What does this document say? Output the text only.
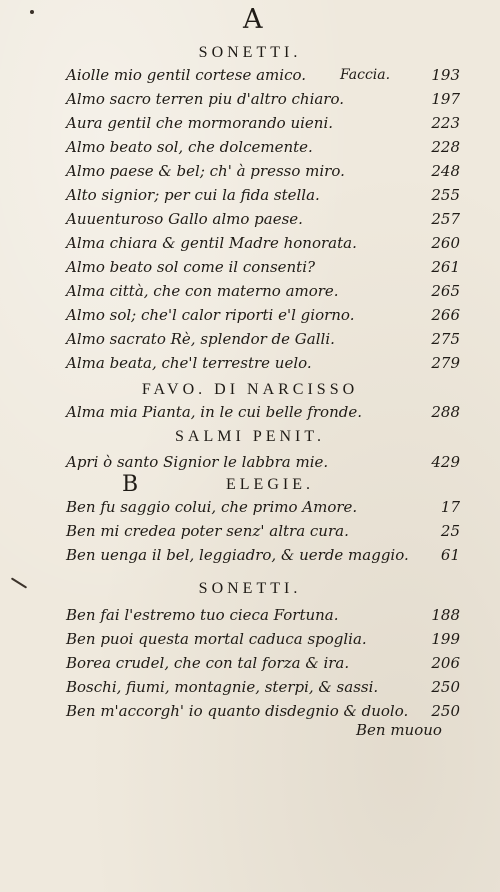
A
SONETTI.
Aiolle mio gentil cortese amico. Faccia.	193
Almo sacro terren piu d'altro chiaro.	197
Aura gentil che mormorando uieni.	223
Almo beato sol, che dolcemente.	228
Almo paese & bel; ch' à presso miro.	248
Alto signior; per cui la fida stella.	255
Auuenturoso Gallo almo paese.	257
Alma chiara & gentil Madre honorata.	260
Almo beato sol come il consenti?	261
Alma città, che con materno amore.	265
Almo sol; che'l calor riporti e'l giorno.	266
Almo sacrato Rè, splendor de Galli.	275
Alma beata, che'l terrestre uelo.	279
FAVO. DI NARCISSO
Alma mia Pianta, in le cui belle fronde.	288
SALMI PENIT.
Apri ò santo Signior le labbra mie.	429
B	ELEGIE.
Ben fu saggio colui, che primo Amore.	17
Ben mi credea poter senz' altra cura.	25
Ben uenga il bel, leggiadro, & uerde maggio. 61
SONETTI.
Ben fai l'estremo tuo cieca Fortuna.	188
Ben puoi questa mortal caduca spoglia.	199
Borea crudel, che con tal forza & ira.	206
Boschi, fiumi, montagnie, sterpi, & sassi.	250
Ben m'accorgh' io quanto disdegnio & duolo. 250
Ben muouo
